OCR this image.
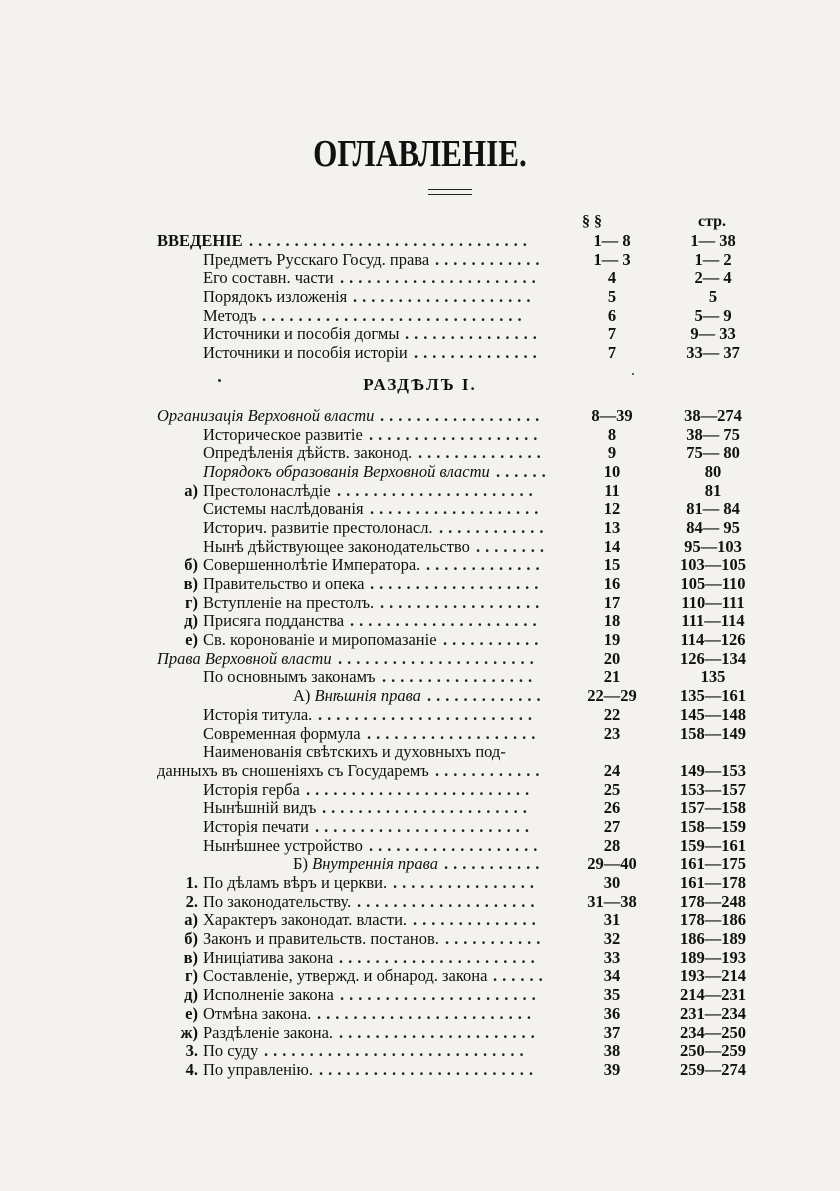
ОГЛАВЛЕНІЕ.
§ §	стр.
ВВЕДЕНІЕ ...............................	1— 8	1— 38
Предметъ Русскаго Госуд. права ............	1— 3	1— 2
Его составн. части ......................	4	2— 4
Порядокъ изложенія ....................	5	5
Методъ .............................	6	5— 9
Источники и пособія догмы ...............	7	9— 33
Источники и пособія исторіи ..............	7	33— 37
РАЗДѢЛЪ I.
Организація Верховной власти ..................	8—39	38—274
Историческое развитіе ...................	8	38— 75
Опредѣленія дѣйств. законод. ..............	9	75— 80
Порядокъ образованія Верховной власти ......	10	80
а) Престолонаслѣдіе ......................	11	81
Системы наслѣдованія ...................	12	81— 84
Историч. развитіе престолонасл. ............	13	84— 95
Нынѣ дѣйствующее законодательство ........	14	95—103
б) Совершеннолѣтіе Императора. .............	15	103—105
в) Правительство и опека ...................	16	105—110
г) Вступленіе на престолъ. ..................	17	110—111
д) Присяга подданства .....................	18	111—114
е) Св. коронованіе и миропомазаніе ...........	19	114—126
Права Верховной власти ......................	20	126—134
По основнымъ законамъ .................	21	135
А) Внѣшнія права .............	22—29	135—161
Исторія титула. ........................	22	145—148
Современная формула ...................	23	158—149
Наименованія свѣтскихъ и духовныхъ под-
данныхъ въ сношеніяхъ съ Государемъ ............	24	149—153
Исторія герба .........................	25	153—157
Нынѣшній видъ .......................	26	157—158
Исторія печати ........................	27	158—159
Нынѣшнее устройство ...................	28	159—161
Б) Внутреннія права ...........	29—40	161—175
1. По дѣламъ вѣръ и церкви. ................	30	161—178
2. По законодательству. ....................	31—38	178—248
а) Характеръ законодат. власти. ..............	31	178—186
б) Законъ и правительств. постанов. ...........	32	186—189
в) Иниціатива закона ......................	33	189—193
г) Составленіе, утвержд. и обнарод. закона ......	34	193—214
д) Исполненіе закона ......................	35	214—231
е) Отмѣна закона. ........................	36	231—234
ж) Раздѣленіе закона. ......................	37	234—250
3. По суду .............................	38	250—259
4. По управленію. ........................	39	259—274
